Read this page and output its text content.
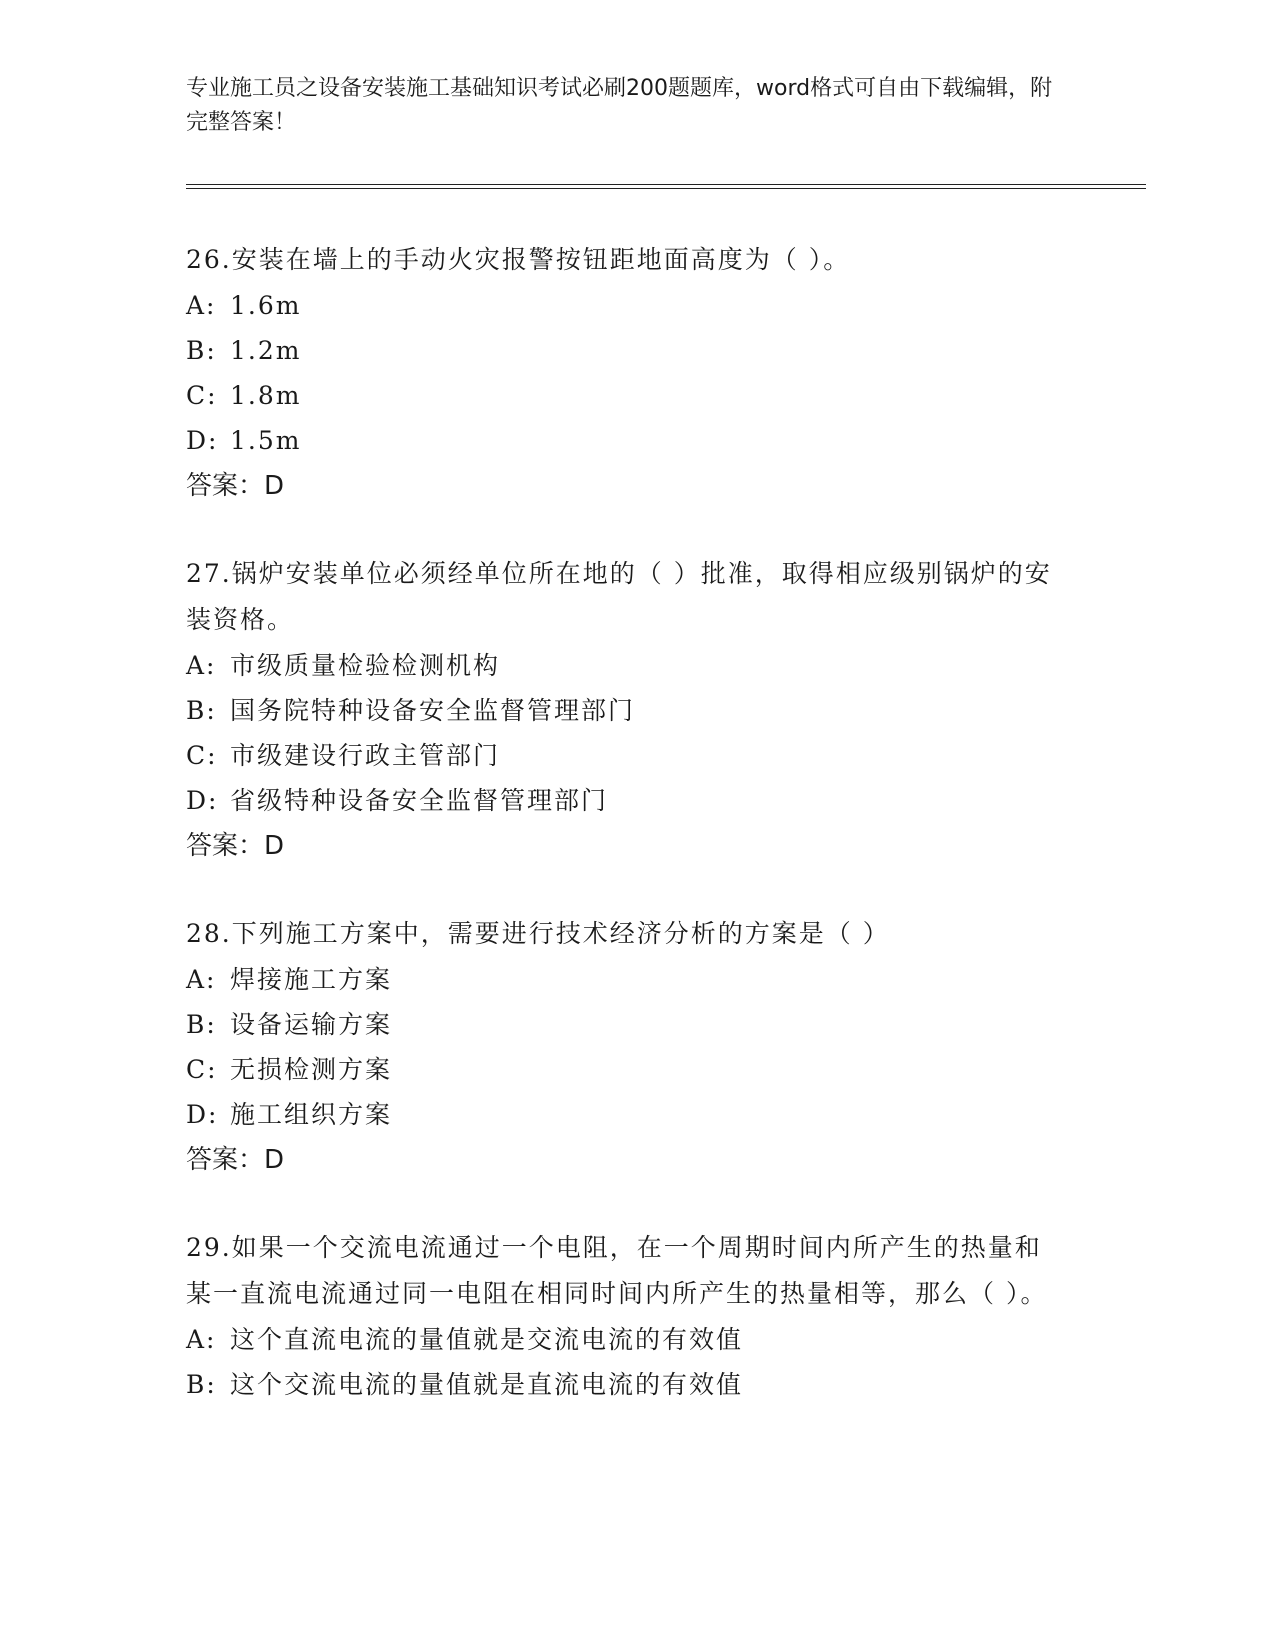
专业施工员之设备安装施工基础知识考试必刷200题题库，word格式可自由下载编辑，附完整答案！
26.安装在墙上的手动火灾报警按钮距地面高度为（ ）。
A: 1.6m
B: 1.2m
C: 1.8m
D: 1.5m
答案：D
27.锅炉安装单位必须经单位所在地的（ ）批准，取得相应级别锅炉的安装资格。
A: 市级质量检验检测机构
B: 国务院特种设备安全监督管理部门
C: 市级建设行政主管部门
D: 省级特种设备安全监督管理部门
答案：D
28.下列施工方案中，需要进行技术经济分析的方案是（ ）
A: 焊接施工方案
B: 设备运输方案
C: 无损检测方案
D: 施工组织方案
答案：D
29.如果一个交流电流通过一个电阻，在一个周期时间内所产生的热量和某一直流电流通过同一电阻在相同时间内所产生的热量相等，那么（ ）。
A: 这个直流电流的量值就是交流电流的有效值
B: 这个交流电流的量值就是直流电流的有效值
